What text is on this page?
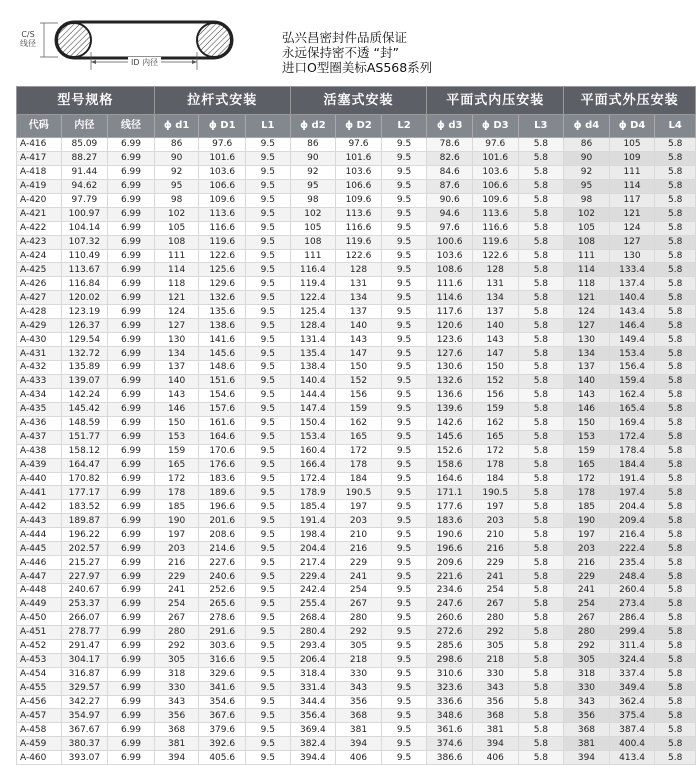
C/S
线径
ID 内径
弘兴昌密封件品质保证
永远保持密不透 “封”
进口O型圈美标AS568系列
型号规格			拉杆式安装			活塞式安装			平面式内压安装			平面式外压安装		
代码	内径	线径	ϕ d1	ϕ D1	L1	ϕ d2	ϕ D2	L2	ϕ d3	ϕ D3	L3	ϕ d4	ϕ D4	L4
A-416	85.09	6.99	86	97.6	9.5	86	97.6	9.5	78.6	97.6	5.8	86	105	5.8
A-417	88.27	6.99	90	101.6	9.5	90	101.6	9.5	82.6	101.6	5.8	90	109	5.8
A-418	91.44	6.99	92	103.6	9.5	92	103.6	9.5	84.6	103.6	5.8	92	111	5.8
A-419	94.62	6.99	95	106.6	9.5	95	106.6	9.5	87.6	106.6	5.8	95	114	5.8
A-420	97.79	6.99	98	109.6	9.5	98	109.6	9.5	90.6	109.6	5.8	98	117	5.8
A-421	100.97	6.99	102	113.6	9.5	102	113.6	9.5	94.6	113.6	5.8	102	121	5.8
A-422	104.14	6.99	105	116.6	9.5	105	116.6	9.5	97.6	116.6	5.8	105	124	5.8
A-423	107.32	6.99	108	119.6	9.5	108	119.6	9.5	100.6	119.6	5.8	108	127	5.8
A-424	110.49	6.99	111	122.6	9.5	111	122.6	9.5	103.6	122.6	5.8	111	130	5.8
A-425	113.67	6.99	114	125.6	9.5	116.4	128	9.5	108.6	128	5.8	114	133.4	5.8
A-426	116.84	6.99	118	129.6	9.5	119.4	131	9.5	111.6	131	5.8	118	137.4	5.8
A-427	120.02	6.99	121	132.6	9.5	122.4	134	9.5	114.6	134	5.8	121	140.4	5.8
A-428	123.19	6.99	124	135.6	9.5	125.4	137	9.5	117.6	137	5.8	124	143.4	5.8
A-429	126.37	6.99	127	138.6	9.5	128.4	140	9.5	120.6	140	5.8	127	146.4	5.8
A-430	129.54	6.99	130	141.6	9.5	131.4	143	9.5	123.6	143	5.8	130	149.4	5.8
A-431	132.72	6.99	134	145.6	9.5	135.4	147	9.5	127.6	147	5.8	134	153.4	5.8
A-432	135.89	6.99	137	148.6	9.5	138.4	150	9.5	130.6	150	5.8	137	156.4	5.8
A-433	139.07	6.99	140	151.6	9.5	140.4	152	9.5	132.6	152	5.8	140	159.4	5.8
A-434	142.24	6.99	143	154.6	9.5	144.4	156	9.5	136.6	156	5.8	143	162.4	5.8
A-435	145.42	6.99	146	157.6	9.5	147.4	159	9.5	139.6	159	5.8	146	165.4	5.8
A-436	148.59	6.99	150	161.6	9.5	150.4	162	9.5	142.6	162	5.8	150	169.4	5.8
A-437	151.77	6.99	153	164.6	9.5	153.4	165	9.5	145.6	165	5.8	153	172.4	5.8
A-438	158.12	6.99	159	170.6	9.5	160.4	172	9.5	152.6	172	5.8	159	178.4	5.8
A-439	164.47	6.99	165	176.6	9.5	166.4	178	9.5	158.6	178	5.8	165	184.4	5.8
A-440	170.82	6.99	172	183.6	9.5	172.4	184	9.5	164.6	184	5.8	172	191.4	5.8
A-441	177.17	6.99	178	189.6	9.5	178.9	190.5	9.5	171.1	190.5	5.8	178	197.4	5.8
A-442	183.52	6.99	185	196.6	9.5	185.4	197	9.5	177.6	197	5.8	185	204.4	5.8
A-443	189.87	6.99	190	201.6	9.5	191.4	203	9.5	183.6	203	5.8	190	209.4	5.8
A-444	196.22	6.99	197	208.6	9.5	198.4	210	9.5	190.6	210	5.8	197	216.4	5.8
A-445	202.57	6.99	203	214.6	9.5	204.4	216	9.5	196.6	216	5.8	203	222.4	5.8
A-446	215.27	6.99	216	227.6	9.5	217.4	229	9.5	209.6	229	5.8	216	235.4	5.8
A-447	227.97	6.99	229	240.6	9.5	229.4	241	9.5	221.6	241	5.8	229	248.4	5.8
A-448	240.67	6.99	241	252.6	9.5	242.4	254	9.5	234.6	254	5.8	241	260.4	5.8
A-449	253.37	6.99	254	265.6	9.5	255.4	267	9.5	247.6	267	5.8	254	273.4	5.8
A-450	266.07	6.99	267	278.6	9.5	268.4	280	9.5	260.6	280	5.8	267	286.4	5.8
A-451	278.77	6.99	280	291.6	9.5	280.4	292	9.5	272.6	292	5.8	280	299.4	5.8
A-452	291.47	6.99	292	303.6	9.5	293.4	305	9.5	285.6	305	5.8	292	311.4	5.8
A-453	304.17	6.99	305	316.6	9.5	206.4	218	9.5	298.6	218	5.8	305	324.4	5.8
A-454	316.87	6.99	318	329.6	9.5	318.4	330	9.5	310.6	330	5.8	318	337.4	5.8
A-455	329.57	6.99	330	341.6	9.5	331.4	343	9.5	323.6	343	5.8	330	349.4	5.8
A-456	342.27	6.99	343	354.6	9.5	344.4	356	9.5	336.6	356	5.8	343	362.4	5.8
A-457	354.97	6.99	356	367.6	9.5	356.4	368	9.5	348.6	368	5.8	356	375.4	5.8
A-458	367.67	6.99	368	379.6	9.5	369.4	381	9.5	361.6	381	5.8	368	387.4	5.8
A-459	380.37	6.99	381	392.6	9.5	382.4	394	9.5	374.6	394	5.8	381	400.4	5.8
A-460	393.07	6.99	394	405.6	9.5	394.4	406	9.5	386.6	406	5.8	394	413.4	5.8
